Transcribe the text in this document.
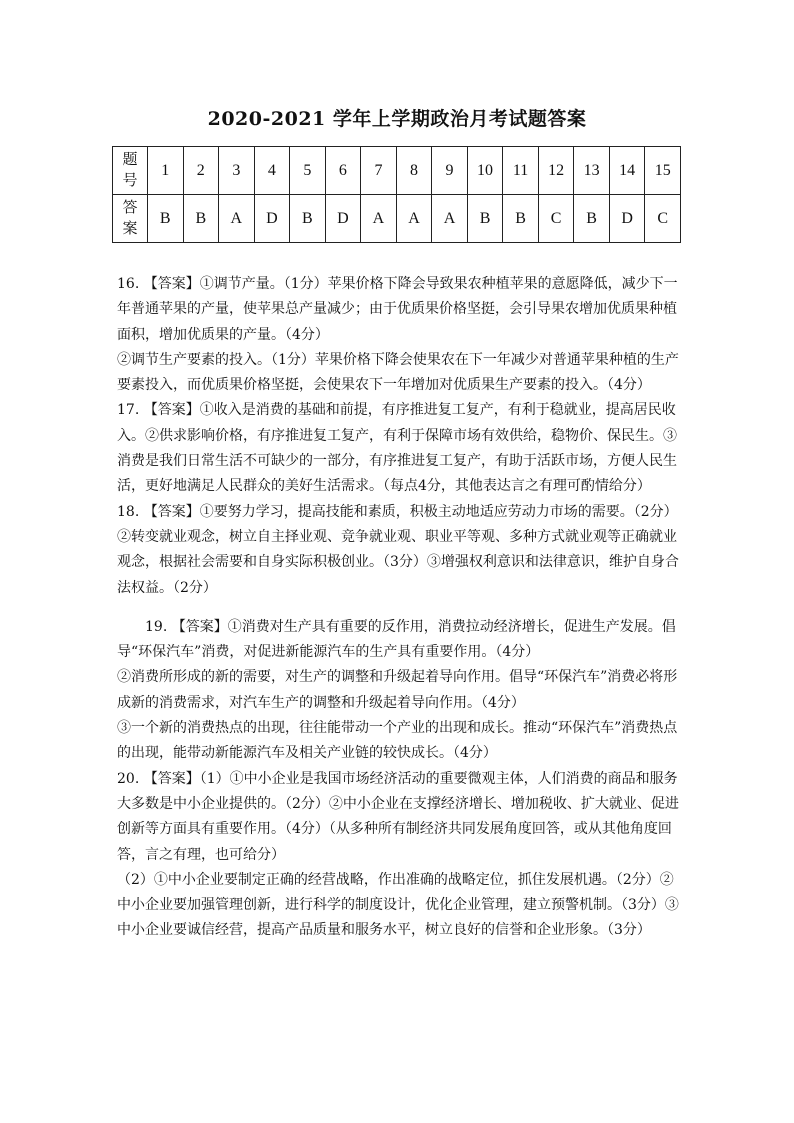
2020-2021 学年上学期政治月考试题答案
题
号	1	2	3	4	5	6	7	8	9	10	11	12	13	14	15

答
案	B	B	A	D	B	D	A	A	A	B	B	C	B	D	C

16. 【答案】①调节产量。（1分）苹果价格下降会导致果农种植苹果的意愿降低，减少下一年普通苹果的产量，使苹果总产量减少；由于优质果价格坚挺，会引导果农增加优质果种植面积，增加优质果的产量。（4分）

②调节生产要素的投入。（1分）苹果价格下降会使果农在下一年减少对普通苹果种植的生产要素投入，而优质果价格坚挺，会使果农下一年增加对优质果生产要素的投入。（4分）

17. 【答案】①收入是消费的基础和前提，有序推进复工复产，有利于稳就业，提高居民收入。②供求影响价格，有序推进复工复产，有利于保障市场有效供给，稳物价、保民生。③消费是我们日常生活不可缺少的一部分，有序推进复工复产，有助于活跃市场，方便人民生活，更好地满足人民群众的美好生活需求。（每点4分，其他表达言之有理可酌情给分）

18. 【答案】①要努力学习，提高技能和素质，积极主动地适应劳动力市场的需要。（2分）②转变就业观念，树立自主择业观、竞争就业观、职业平等观、多种方式就业观等正确就业观念，根据社会需要和自身实际积极创业。（3分）③增强权利意识和法律意识，维护自身合法权益。（2分）

19. 【答案】①消费对生产具有重要的反作用，消费拉动经济增长，促进生产发展。倡导“环保汽车”消费，对促进新能源汽车的生产具有重要作用。（4分）

②消费所形成的新的需要，对生产的调整和升级起着导向作用。倡导“环保汽车”消费必将形成新的消费需求，对汽车生产的调整和升级起着导向作用。（4分）

③一个新的消费热点的出现，往往能带动一个产业的出现和成长。推动“环保汽车”消费热点的出现，能带动新能源汽车及相关产业链的较快成长。（4分）

20. 【答案】（1）①中小企业是我国市场经济活动的重要微观主体，人们消费的商品和服务大多数是中小企业提供的。（2分）②中小企业在支撑经济增长、增加税收、扩大就业、促进创新等方面具有重要作用。（4分）（从多种所有制经济共同发展角度回答，或从其他角度回答，言之有理，也可给分）

（2）①中小企业要制定正确的经营战略，作出准确的战略定位，抓住发展机遇。（2分）②中小企业要加强管理创新，进行科学的制度设计，优化企业管理，建立预警机制。（3分）③中小企业要诚信经营，提高产品质量和服务水平，树立良好的信誉和企业形象。（3分）
